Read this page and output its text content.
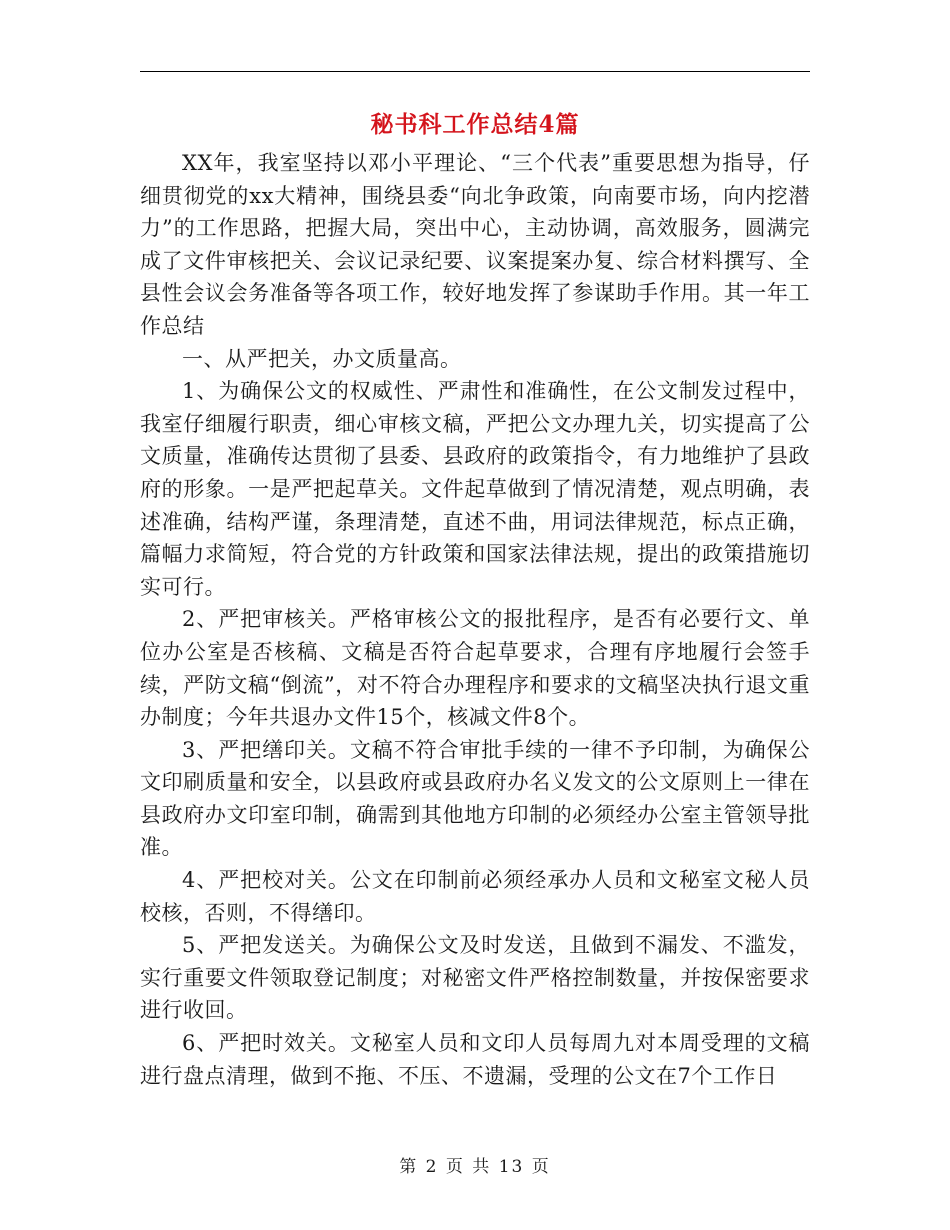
秘书科工作总结4篇

XX年，我室坚持以邓小平理论、“三个代表”重要思想为指导，仔细贯彻党的xx大精神，围绕县委“向北争政策，向南要市场，向内挖潜力”的工作思路，把握大局，突出中心，主动协调，高效服务，圆满完成了文件审核把关、会议记录纪要、议案提案办复、综合材料撰写、全县性会议会务准备等各项工作，较好地发挥了参谋助手作用。其一年工作总结

一、从严把关，办文质量高。

1、为确保公文的权威性、严肃性和准确性，在公文制发过程中，我室仔细履行职责，细心审核文稿，严把公文办理九关，切实提高了公文质量，准确传达贯彻了县委、县政府的政策指令，有力地维护了县政府的形象。一是严把起草关。文件起草做到了情况清楚，观点明确，表述准确，结构严谨，条理清楚，直述不曲，用词法律规范，标点正确，篇幅力求简短，符合党的方针政策和国家法律法规，提出的政策措施切实可行。

2、严把审核关。严格审核公文的报批程序，是否有必要行文、单位办公室是否核稿、文稿是否符合起草要求，合理有序地履行会签手续，严防文稿“倒流”，对不符合办理程序和要求的文稿坚决执行退文重办制度；今年共退办文件15个，核减文件8个。

3、严把缮印关。文稿不符合审批手续的一律不予印制，为确保公文印刷质量和安全，以县政府或县政府办名义发文的公文原则上一律在县政府办文印室印制，确需到其他地方印制的必须经办公室主管领导批准。

4、严把校对关。公文在印制前必须经承办人员和文秘室文秘人员校核，否则，不得缮印。

5、严把发送关。为确保公文及时发送，且做到不漏发、不滥发，实行重要文件领取登记制度；对秘密文件严格控制数量，并按保密要求进行收回。

6、严把时效关。文秘室人员和文印人员每周九对本周受理的文稿进行盘点清理，做到不拖、不压、不遗漏，受理的公文在7个工作日

第 2 页 共 13 页
